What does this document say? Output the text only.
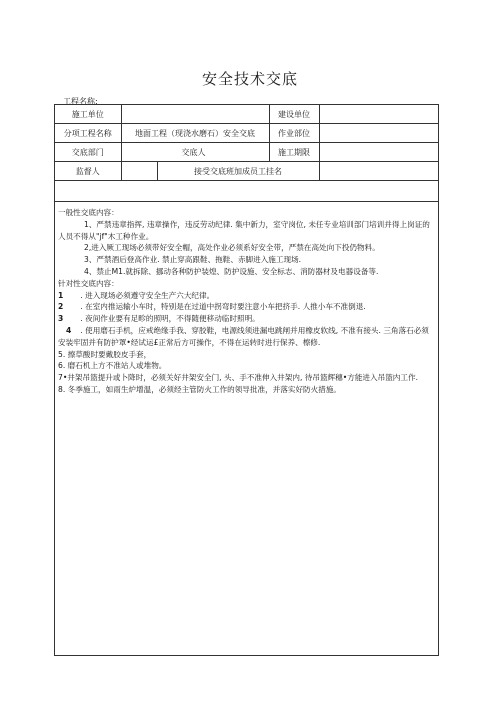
安全技术交底
工程名称:
施工单位			建设单位	
分项工程名称	地面工程（现浇水磨石）安全交底		作业部位	
交底部门	交底人		施工期限	
监督人		接受交底班加成员工挂名		

一般性交底内容：

1、严禁违章指挥, 违章操作，违反劳动纪律. 集中新力，室守岗位, 未任专业培训部门培训并得上岗证的人员不得从"jf"木工种作业。

2,进入厥工现场必须带好安全帽，高处作业必须系好安全带，严禁在高处向下投仍物料。

3、严禁酒后登高作业. 禁止穿高跟鞋、拖鞋、赤脚进入施工现场.

4、禁止M1.就拆除、挪动各种防护装煌、防护设施、安全标志、消防器材及电器设备等.

针对性交底内容：

1 . 进入现场必须遵守安全生产六大纪律。

2 . 在室内推运输小车时，特别是在过道中拐弯时要注意小车把挤手. 人推小车不准倒退.

3 . 夜间作业要有足畛的照明，不得随便移动临时照明。

4 . 使用磨石手机，应戒绝缘手我、穿胶鞋，电源线须进漏电跳闸并用橡皮软线, 不准有接头. 三角落石必须安装牢固并有防护罩•经试运£正常后方可操作，不得在运转时进行保养、檫修.

5. 擦草酸时要戴胶皮手套，

6. 磨石机上方不准站人或堆物。

7•井架吊篮提升或卜降时，必须关好井架安全门, 头、手不准伸入井架内, 待吊篮辉穗•方能进入吊篮内工作.

8. 冬季施工，如雨生炉增温，必须经主管防火工作的领导批准，并落实好防火措施。
